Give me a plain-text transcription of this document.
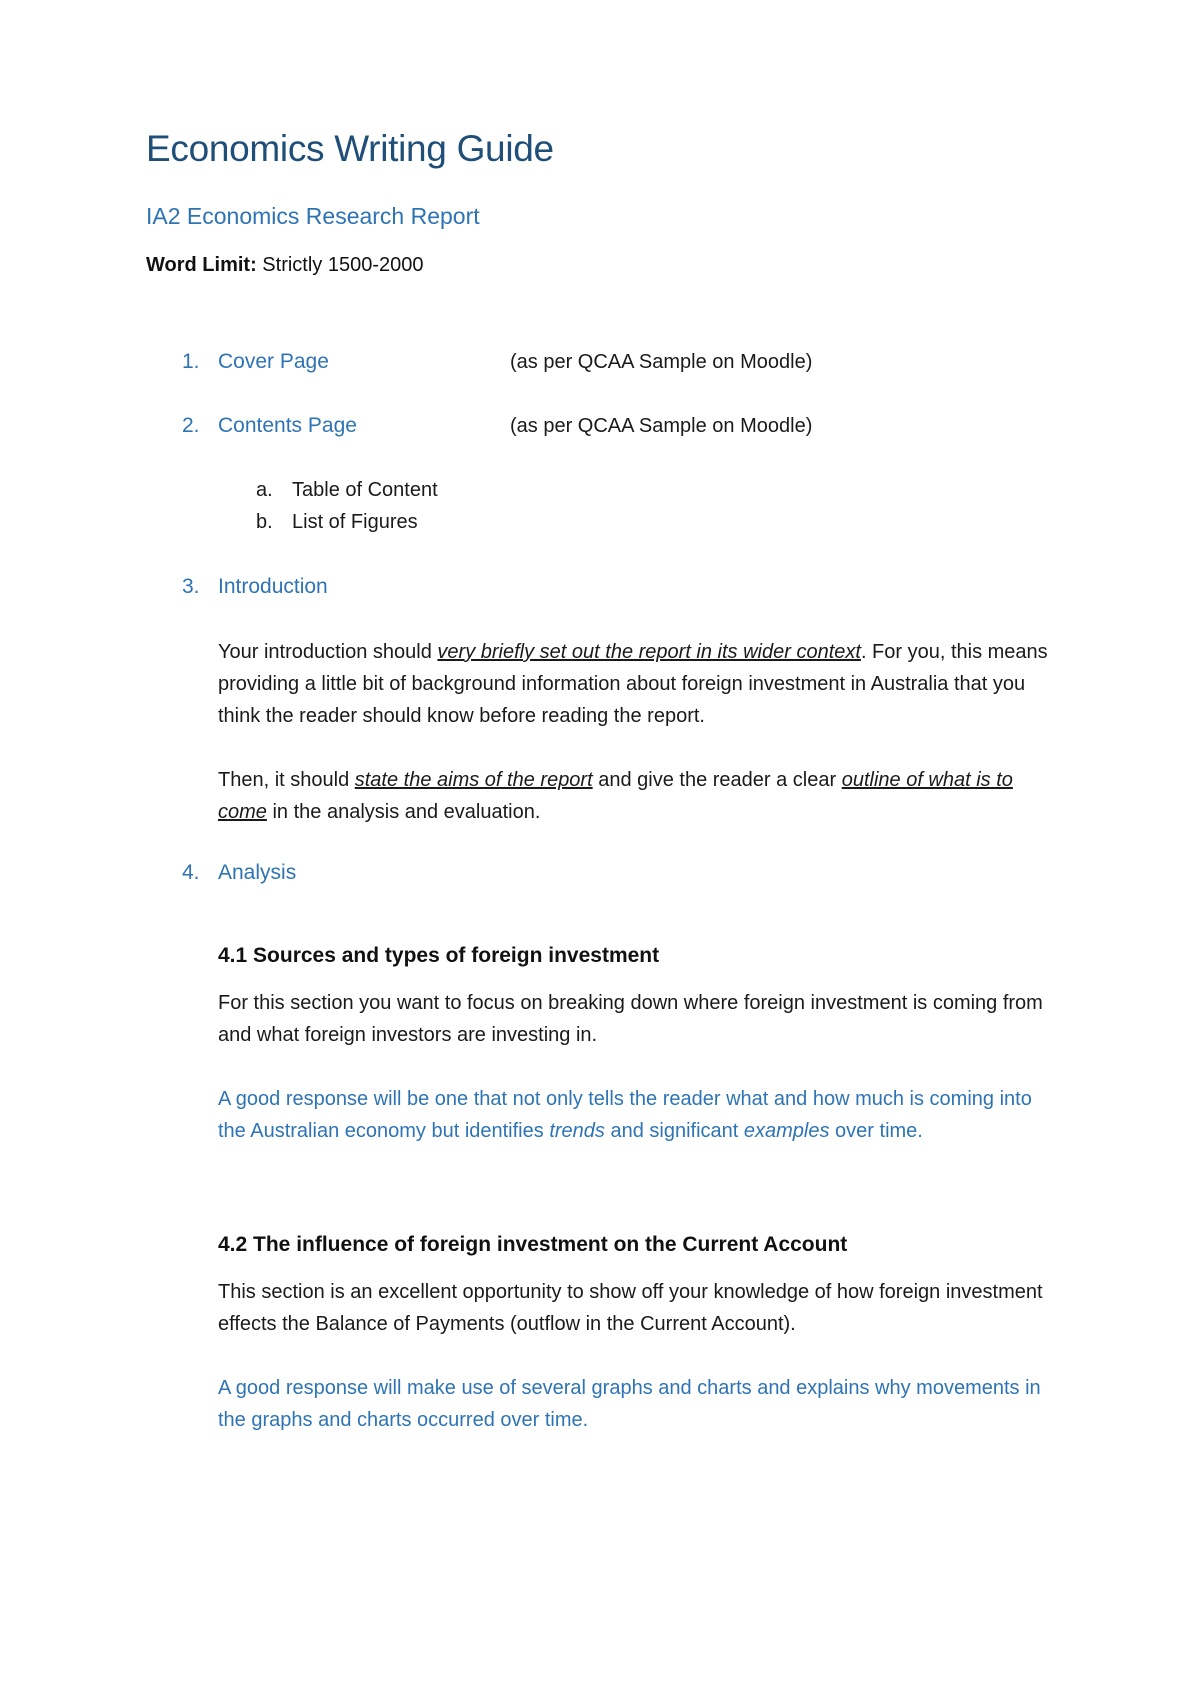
Economics Writing Guide
IA2 Economics Research Report
Word Limit: Strictly 1500-2000
1. Cover Page	(as per QCAA Sample on Moodle)
2. Contents Page	(as per QCAA Sample on Moodle)
a. Table of Content
b. List of Figures
3. Introduction

Your introduction should very briefly set out the report in its wider context. For you, this means providing a little bit of background information about foreign investment in Australia that you think the reader should know before reading the report.

Then, it should state the aims of the report and give the reader a clear outline of what is to come in the analysis and evaluation.

4. Analysis
4.1 Sources and types of foreign investment

For this section you want to focus on breaking down where foreign investment is coming from and what foreign investors are investing in.

A good response will be one that not only tells the reader what and how much is coming into the Australian economy but identifies trends and significant examples over time.

4.2 The influence of foreign investment on the Current Account

This section is an excellent opportunity to show off your knowledge of how foreign investment effects the Balance of Payments (outflow in the Current Account).

A good response will make use of several graphs and charts and explains why movements in the graphs and charts occurred over time.
